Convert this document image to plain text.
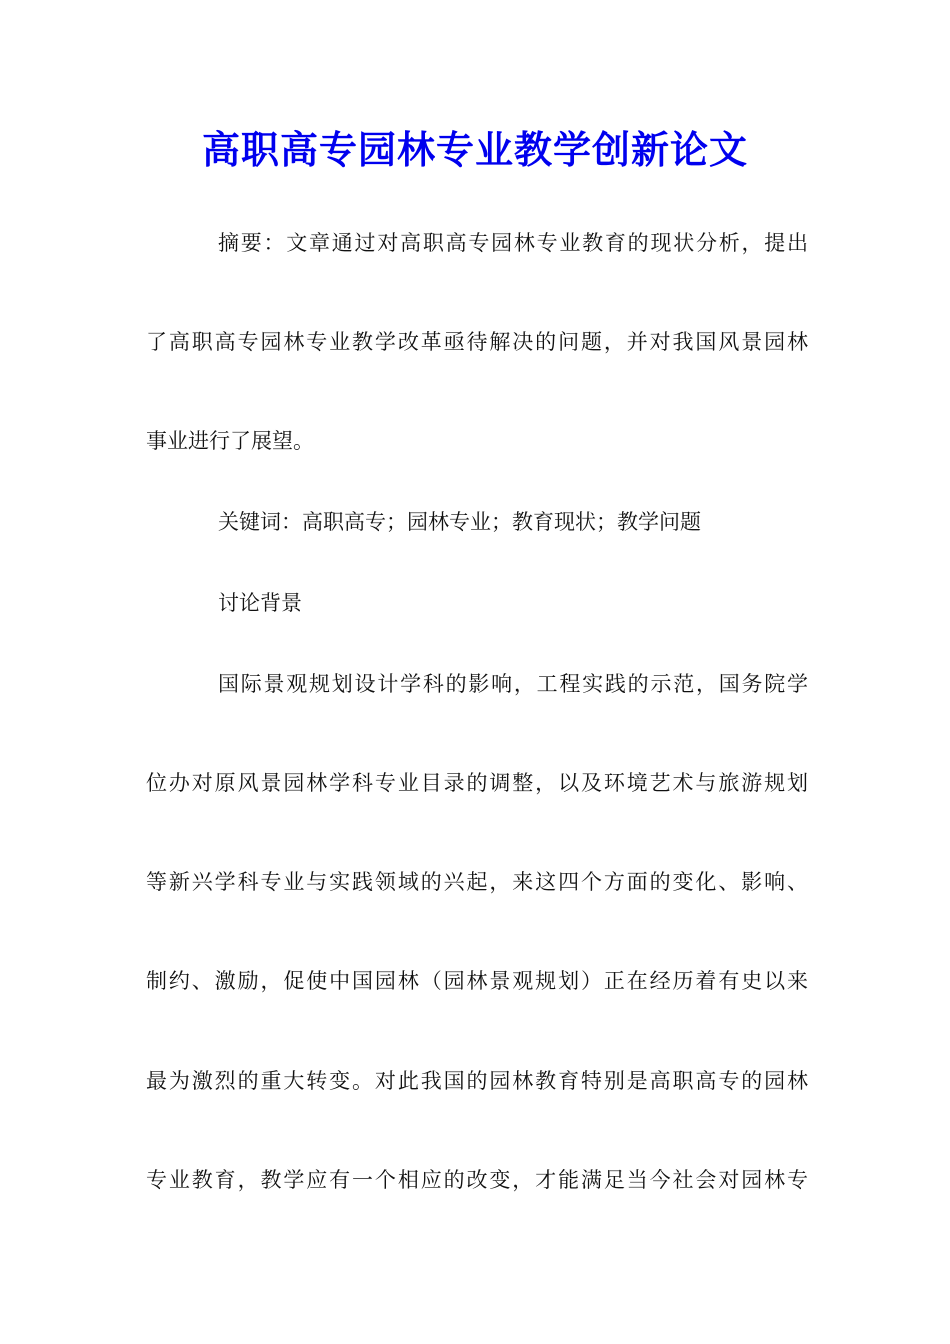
高职高专园林专业教学创新论文
摘要：文章通过对高职高专园林专业教育的现状分析，提出
了高职高专园林专业教学改革亟待解决的问题，并对我国风景园林
事业进行了展望。
关键词：高职高专；园林专业；教育现状；教学问题
讨论背景
国际景观规划设计学科的影响，工程实践的示范，国务院学
位办对原风景园林学科专业目录的调整，以及环境艺术与旅游规划
等新兴学科专业与实践领域的兴起，来这四个方面的变化、影响、
制约、激励，促使中国园林（园林景观规划）正在经历着有史以来
最为激烈的重大转变。对此我国的园林教育特别是高职高专的园林
专业教育，教学应有一个相应的改变，才能满足当今社会对园林专
